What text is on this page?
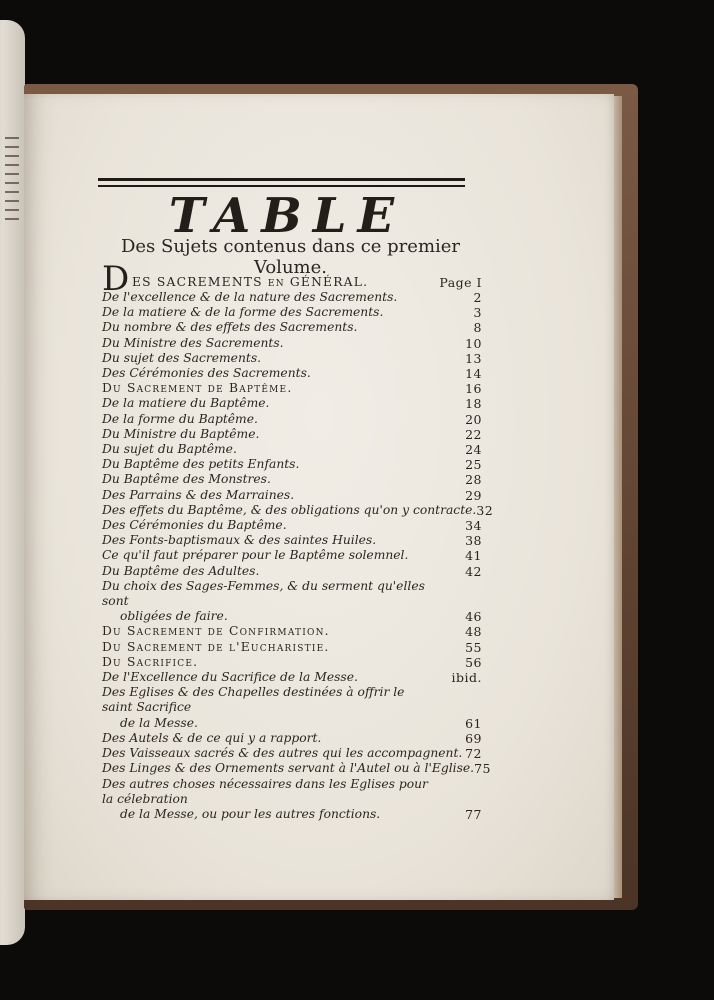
TABLE

Des Sujets contenus dans ce premier Volume.

D ES SACREMENTS en GÉNÉRAL.	Page I
De l'excellence & de la nature des Sacrements.	2
De la matiere & de la forme des Sacrements.	3
Du nombre & des effets des Sacrements.	8
Du Ministre des Sacrements.	10
Du sujet des Sacrements.	13
Des Cérémonies des Sacrements.	14
Du Sacrement de Baptême.	16
De la matiere du Baptême.	18
De la forme du Baptême.	20
Du Ministre du Baptême.	22
Du sujet du Baptême.	24
Du Baptême des petits Enfants.	25
Du Baptême des Monstres.	28
Des Parrains & des Marraines.	29
Des effets du Baptême, & des obligations qu'on y contracte. 32
Des Cérémonies du Baptême.	34
Des Fonts-baptismaux & des saintes Huiles.	38
Ce qu'il faut préparer pour le Baptême solemnel.	41
Du Baptême des Adultes.	42
Du choix des Sages-Femmes, & du serment qu'elles sont
obligées de faire.	46
Du Sacrement de Confirmation.	48
Du Sacrement de l'Eucharistie.	55
Du Sacrifice.	56
De l'Excellence du Sacrifice de la Messe.	ibid.
Des Eglises & des Chapelles destinées à offrir le saint Sacrifice
de la Messe.	61
Des Autels & de ce qui y a rapport.	69
Des Vaisseaux sacrés & des autres qui les accompagnent. 72
Des Linges & des Ornements servant à l'Autel ou à l'Eglise. 75
Des autres choses nécessaires dans les Eglises pour la célebration
de la Messe, ou pour les autres fonctions.	77
